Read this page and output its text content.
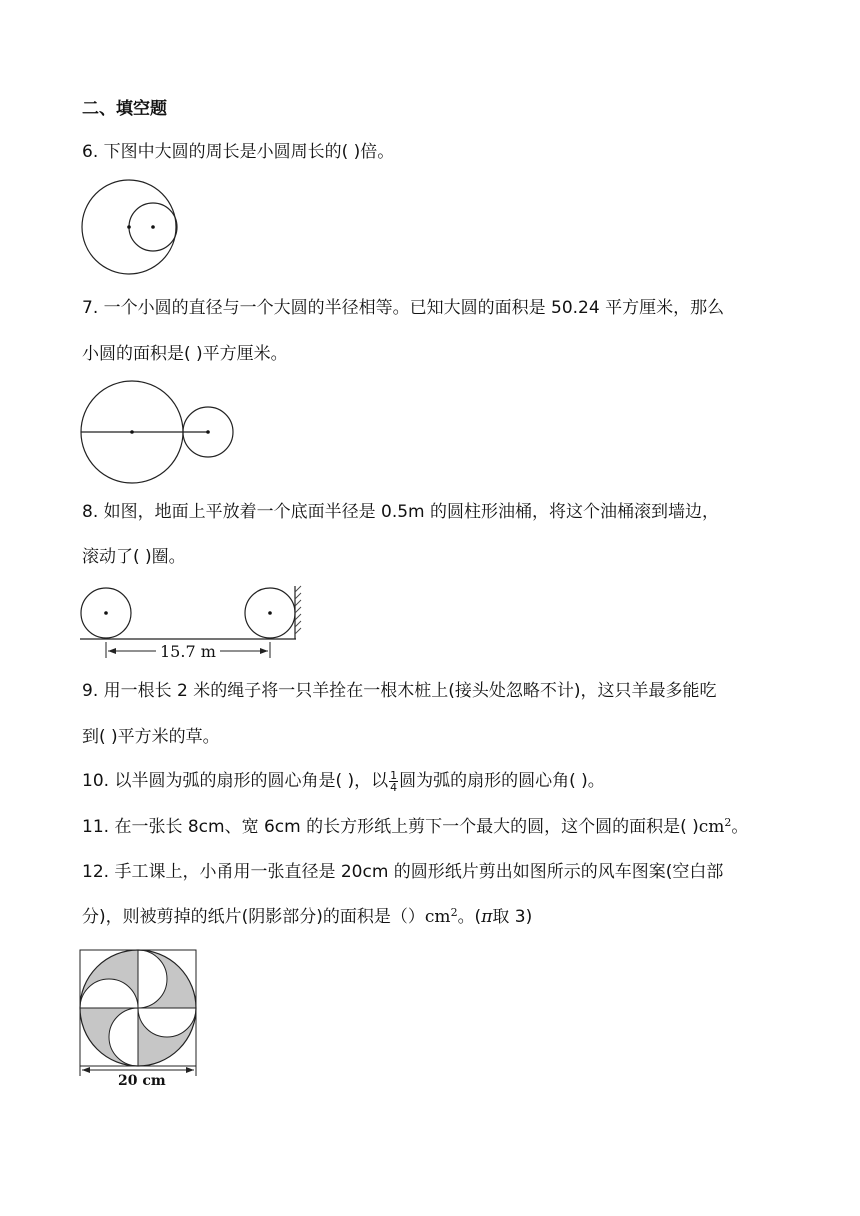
二、填空题
6. 下图中大圆的周长是小圆周长的( )倍。
7. 一个小圆的直径与一个大圆的半径相等。已知大圆的面积是 50.24 平方厘米，那么
小圆的面积是( )平方厘米。
8. 如图，地面上平放着一个底面半径是 0.5m 的圆柱形油桶，将这个油桶滚到墙边，
滚动了( )圈。
15.7 m
9. 用一根长 2 米的绳子将一只羊拴在一根木桩上(接头处忽略不计)，这只羊最多能吃
到( )平方米的草。
10. 以半圆为弧的扇形的圆心角是( )，以 $\frac{1}{4}$ 圆为弧的扇形的圆心角( )。
11. 在一张长 8cm、宽 6cm 的长方形纸上剪下一个最大的圆，这个圆的面积是( )$cm^2$。
12. 手工课上，小甬用一张直径是 20cm 的圆形纸片剪出如图所示的风车图案(空白部
分)，则被剪掉的纸片(阴影部分)的面积是$()cm^2$。(π取 3)
20 cm
